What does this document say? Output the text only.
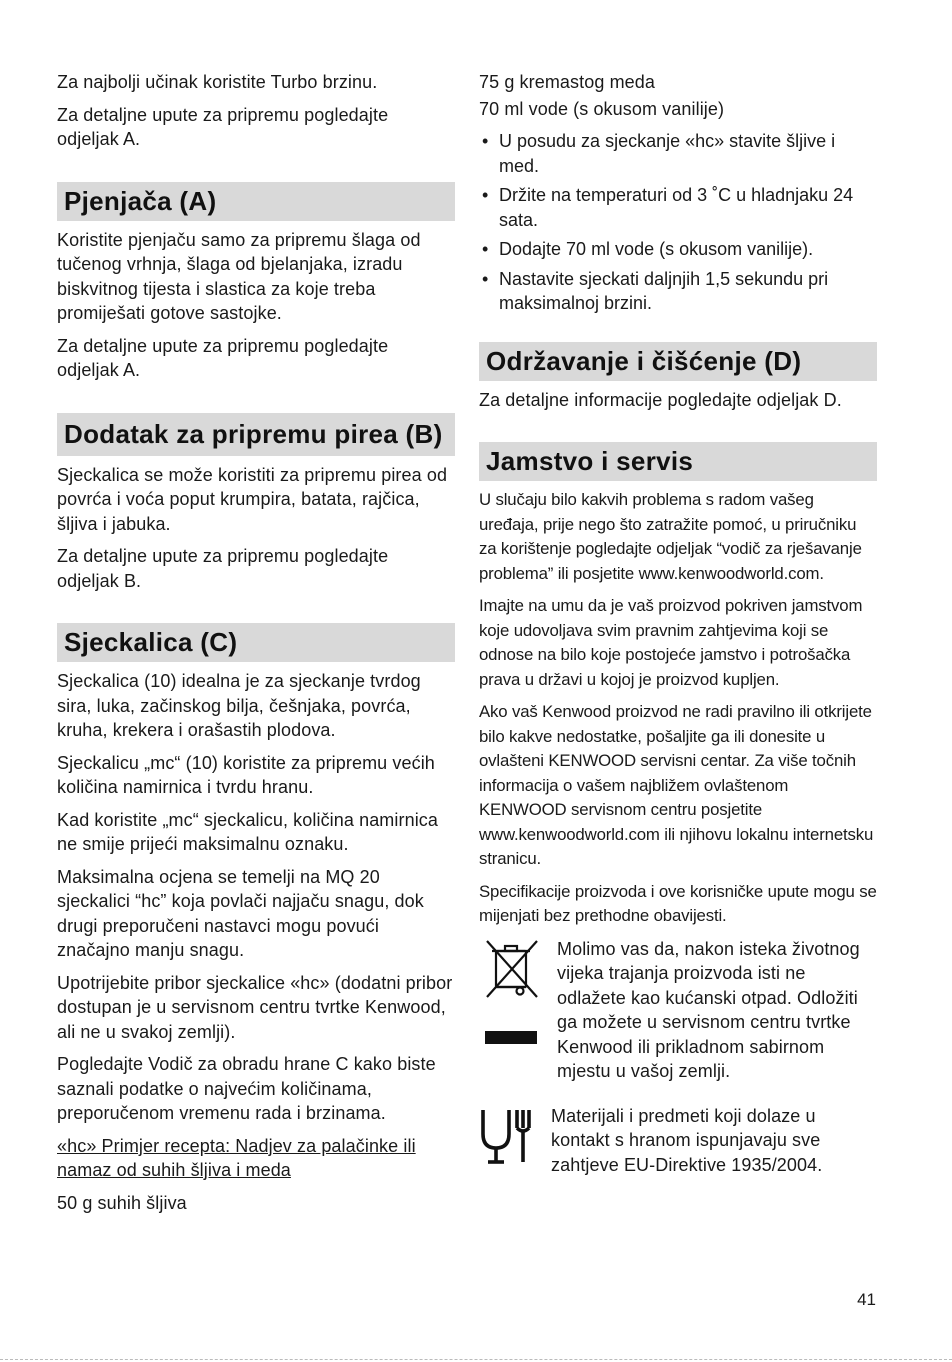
Za najbolji učinak koristite Turbo brzinu.

Za detaljne upute za pripremu pogledajte odjeljak A.

Pjenjača (A)

Koristite pjenjaču samo za pripremu šlaga od tučenog vrhnja, šlaga od bjelanjaka, izradu biskvitnog tijesta i slastica za koje treba promiješati gotove sastojke.

Za detaljne upute za pripremu pogledajte odjeljak A.

Dodatak za pripremu pirea (B)

Sjeckalica se može koristiti za pripremu pirea od povrća i voća poput krumpira, batata, rajčica, šljiva i jabuka.

Za detaljne upute za pripremu pogledajte odjeljak B.

Sjeckalica (C)

Sjeckalica (10) idealna je za sjeckanje tvrdog sira, luka, začinskog bilja, češnjaka, povrća, kruha, krekera i orašastih plodova.

Sjeckalicu „mc“ (10) koristite za pripremu većih količina namirnica i tvrdu hranu.

Kad koristite „mc“ sjeckalicu, količina namirnica ne smije prijeći maksimalnu oznaku.

Maksimalna ocjena se temelji na MQ 20 sjeckalici “hc” koja povlači najjaču snagu, dok drugi preporučeni nastavci mogu povući značajno manju snagu.

Upotrijebite pribor sjeckalice «hc» (dodatni pribor dostupan je u servisnom centru tvrtke Kenwood, ali ne u svakoj zemlji).

Pogledajte Vodič za obradu hrane C kako biste saznali podatke o najvećim količinama, preporučenom vremenu rada i brzinama.

«hc» Primjer recepta: Nadjev za palačinke ili namaz od suhih šljiva i meda

50 g suhih šljiva

75 g kremastog meda

70 ml vode (s okusom vanilije)

• U posudu za sjeckanje «hc» stavite šljive i med.
• Držite na temperaturi od 3 ˚C u hladnjaku 24 sata.
• Dodajte 70 ml vode (s okusom vanilije).
• Nastavite sjeckati daljnjih 1,5 sekundu pri maksimalnoj brzini.
Održavanje i čišćenje (D)

Za detaljne informacije pogledajte odjeljak D.

Jamstvo i servis

U slučaju bilo kakvih problema s radom vašeg uređaja, prije nego što zatražite pomoć, u priručniku za korištenje pogledajte odjeljak “vodič za rješavanje problema” ili posjetite www.kenwoodworld.com.

Imajte na umu da je vaš proizvod pokriven jamstvom koje udovoljava svim pravnim zahtjevima koji se odnose na bilo koje postojeće jamstvo i potrošačka prava u državi u kojoj je proizvod kupljen.

Ako vaš Kenwood proizvod ne radi pravilno ili otkrijete bilo kakve nedostatke, pošaljite ga ili donesite u ovlašteni KENWOOD servisni centar. Za više točnih informacija o vašem najbližem ovlaštenom KENWOOD servisnom centru posjetite www.kenwoodworld.com ili njihovu lokalnu internetsku stranicu.

Specifikacije proizvoda i ove korisničke upute mogu se mijenjati bez prethodne obavijesti.

Molimo vas da, nakon isteka životnog vijeka trajanja proizvoda isti ne odlažete kao kućanski otpad. Odložiti ga možete u servisnom centru tvrtke Kenwood ili prikladnom sabirnom mjestu u vašoj zemlji.

Materijali i predmeti koji dolaze u kontakt s hranom ispunjavaju sve zahtjeve EU-Direktive 1935/2004.

41
